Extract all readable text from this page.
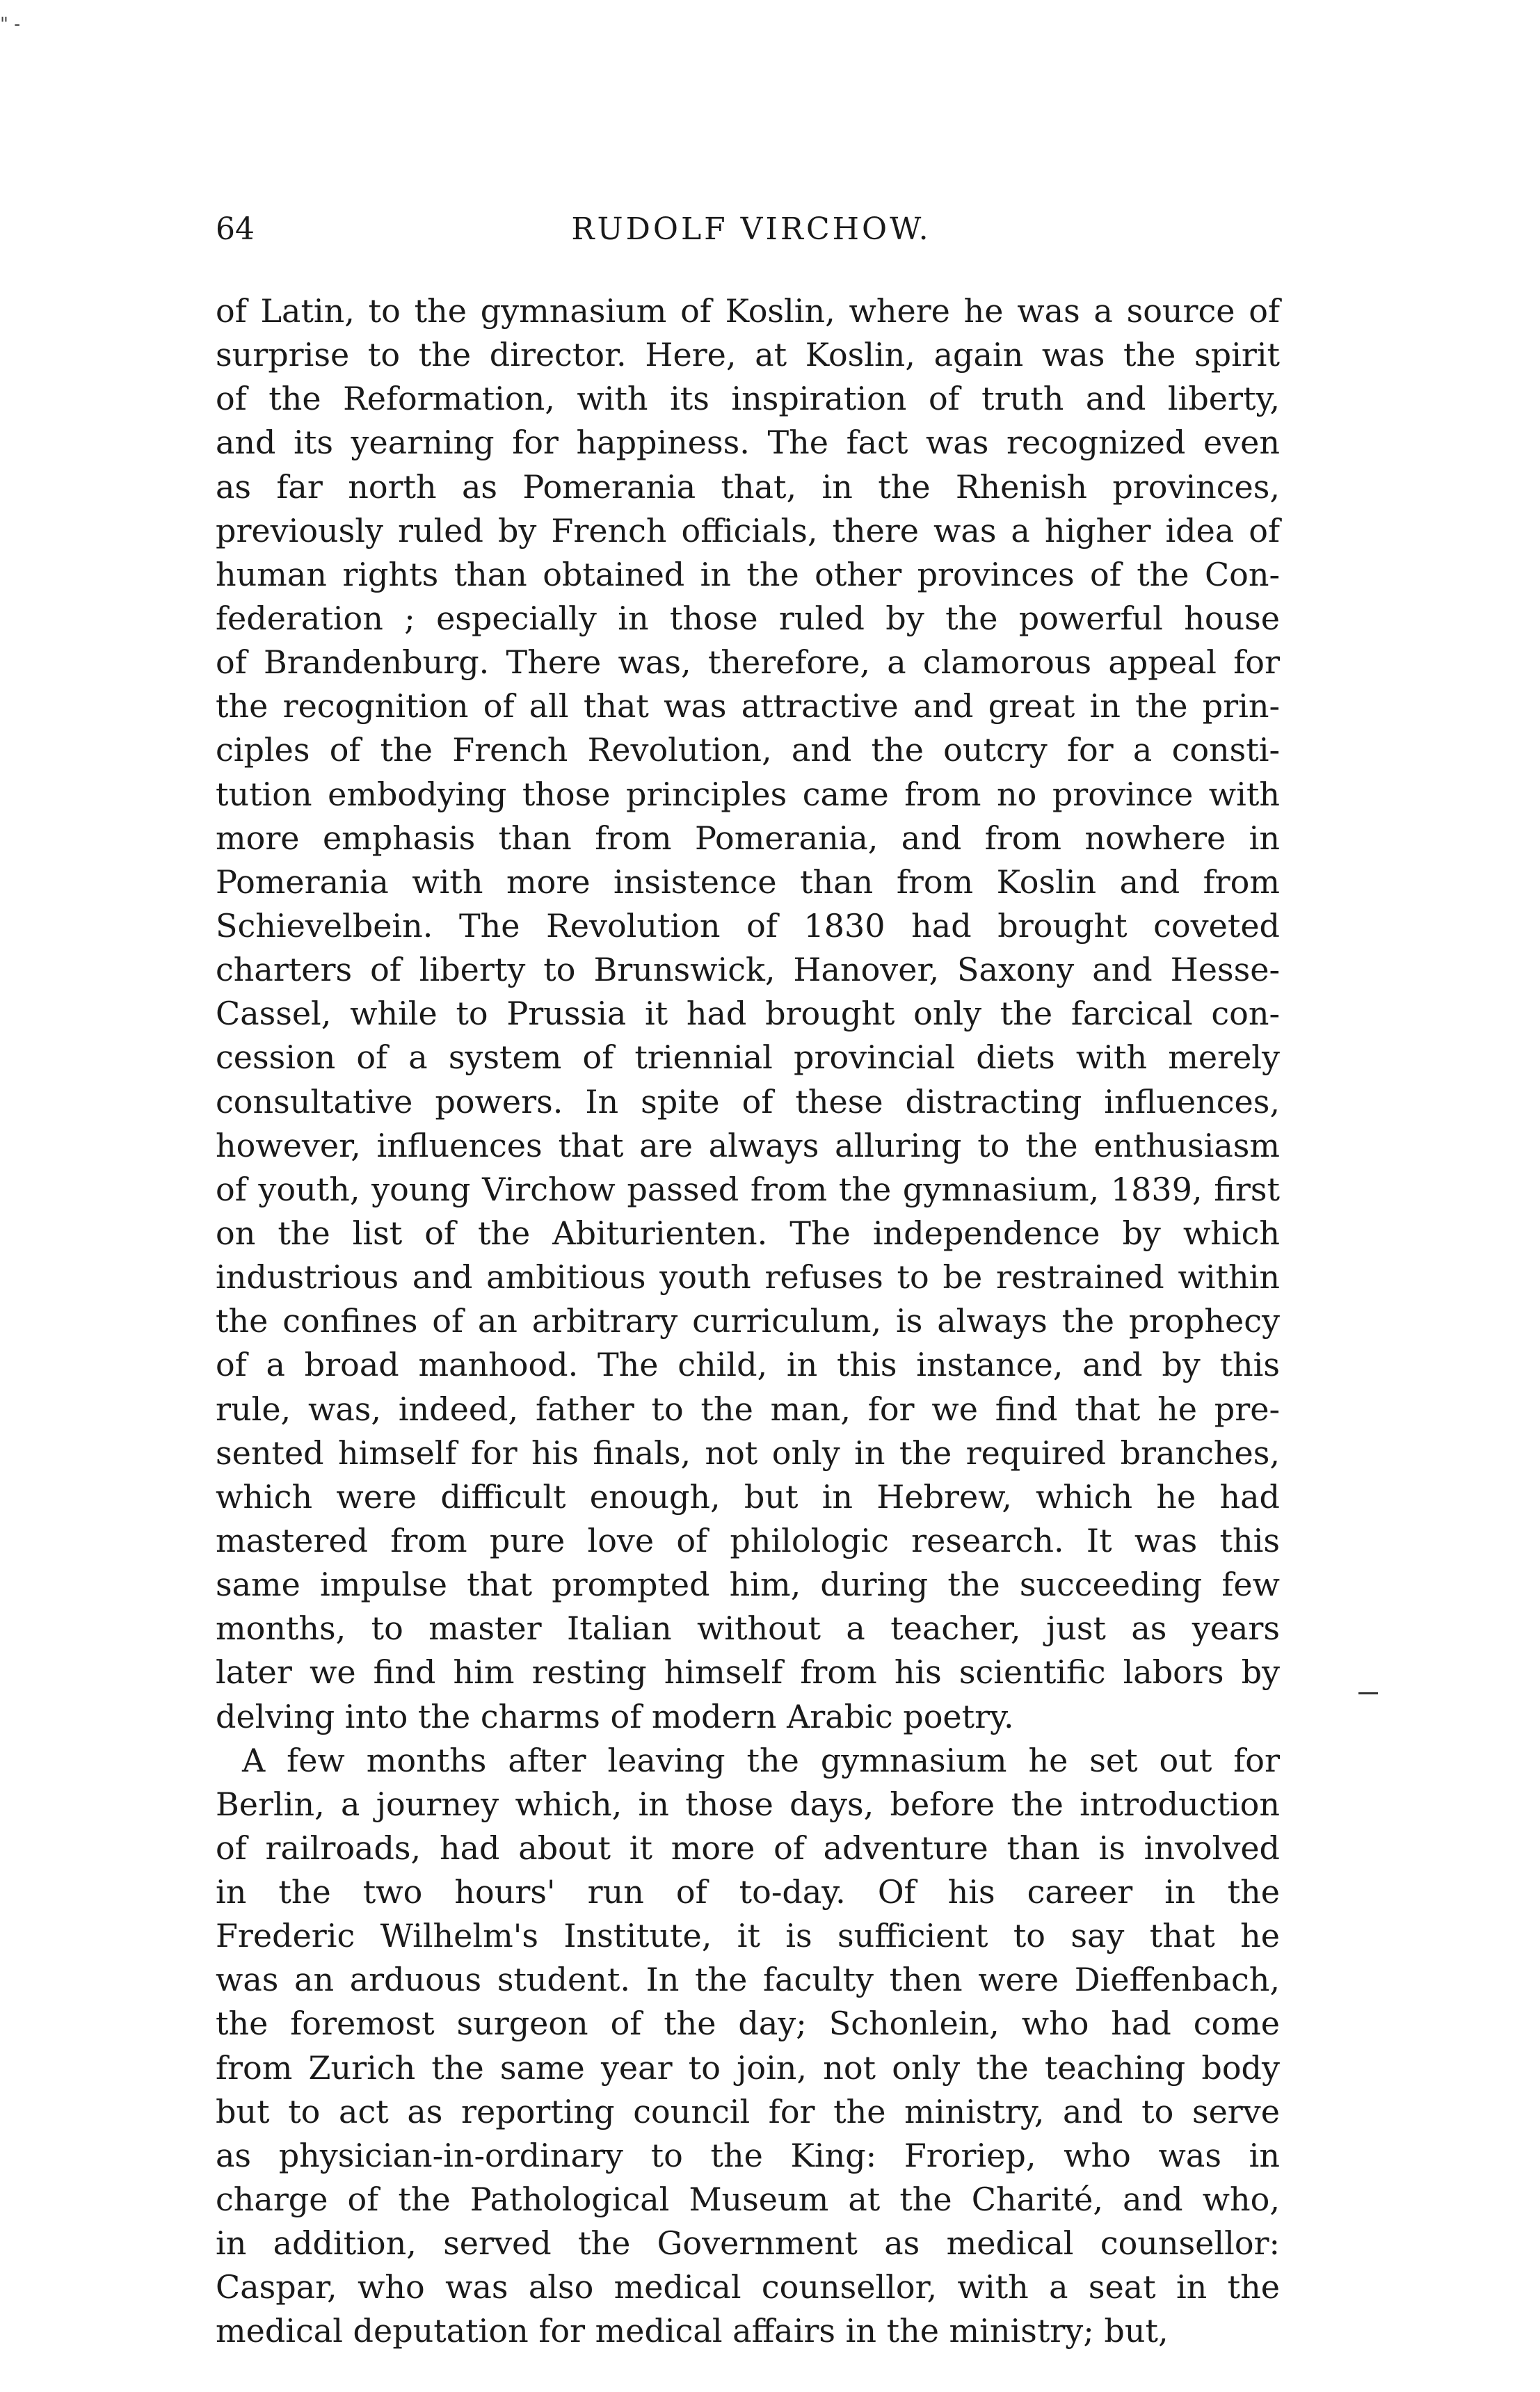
" -
64	RUDOLF VIRCHOW.
of Latin, to the gymnasium of Koslin, where he was a source of
surprise to the director. Here, at Koslin, again was the spirit
of the Reformation, with its inspiration of truth and liberty,
and its yearning for happiness. The fact was recognized even
as far north as Pomerania that, in the Rhenish provinces,
previously ruled by French officials, there was a higher idea of
human rights than obtained in the other provinces of the Con-
federation ; especially in those ruled by the powerful house
of Brandenburg. There was, therefore, a clamorous appeal for
the recognition of all that was attractive and great in the prin-
ciples of the French Revolution, and the outcry for a consti-
tution embodying those principles came from no province with
more emphasis than from Pomerania, and from nowhere in
Pomerania with more insistence than from Koslin and from
Schievelbein. The Revolution of 1830 had brought coveted
charters of liberty to Brunswick, Hanover, Saxony and Hesse-
Cassel, while to Prussia it had brought only the farcical con-
cession of a system of triennial provincial diets with merely
consultative powers. In spite of these distracting influences,
however, influences that are always alluring to the enthusiasm
of youth, young Virchow passed from the gymnasium, 1839, first
on the list of the Abiturienten. The independence by which
industrious and ambitious youth refuses to be restrained within
the confines of an arbitrary curriculum, is always the prophecy
of a broad manhood. The child, in this instance, and by this
rule, was, indeed, father to the man, for we find that he pre-
sented himself for his finals, not only in the required branches,
which were difficult enough, but in Hebrew, which he had
mastered from pure love of philologic research. It was this
same impulse that prompted him, during the succeeding few
months, to master Italian without a teacher, just as years
later we find him resting himself from his scientific labors by
delving into the charms of modern Arabic poetry.
A few months after leaving the gymnasium he set out for
Berlin, a journey which, in those days, before the introduction
of railroads, had about it more of adventure than is involved
in the two hours' run of to-day. Of his career in the
Frederic Wilhelm's Institute, it is sufficient to say that he
was an arduous student. In the faculty then were Dieffenbach,
the foremost surgeon of the day; Schonlein, who had come
from Zurich the same year to join, not only the teaching body
but to act as reporting council for the ministry, and to serve
as physician-in-ordinary to the King: Froriep, who was in
charge of the Pathological Museum at the Charité, and who,
in addition, served the Government as medical counsellor:
Caspar, who was also medical counsellor, with a seat in the
medical deputation for medical affairs in the ministry; but,
